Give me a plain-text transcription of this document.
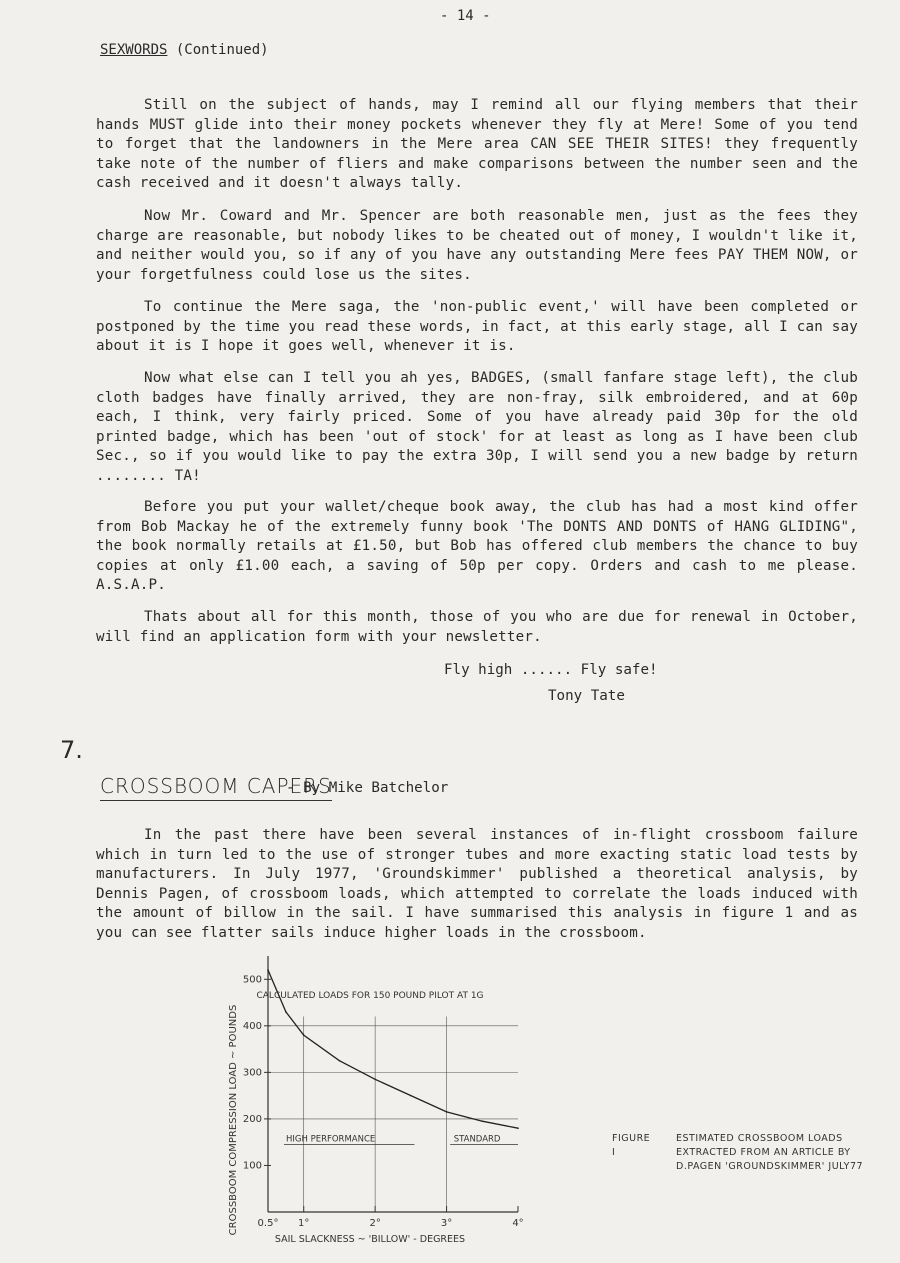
- 14 -
SEXWORDS (Continued)

Still on the subject of hands, may I remind all our flying members that their hands MUST glide into their money pockets whenever they fly at Mere! Some of you tend to forget that the landowners in the Mere area CAN SEE THEIR SITES! they frequently take note of the number of fliers and make comparisons between the number seen and the cash received and it doesn't always tally.

Now Mr. Coward and Mr. Spencer are both reasonable men, just as the fees they charge are reasonable, but nobody likes to be cheated out of money, I wouldn't like it, and neither would you, so if any of you have any outstanding Mere fees PAY THEM NOW, or your forgetfulness could lose us the sites.

To continue the Mere saga, the 'non-public event,' will have been completed or postponed by the time you read these words, in fact, at this early stage, all I can say about it is I hope it goes well, whenever it is.

Now what else can I tell you ah yes, BADGES, (small fanfare stage left), the club cloth badges have finally arrived, they are non-fray, silk embroidered, and at 60p each, I think, very fairly priced. Some of you have already paid 30p for the old printed badge, which has been 'out of stock' for at least as long as I have been club Sec., so if you would like to pay the extra 30p, I will send you a new badge by return ........ TA!

Before you put your wallet/cheque book away, the club has had a most kind offer from Bob Mackay he of the extremely funny book 'The DONTS AND DONTS of HANG GLIDING", the book normally retails at £1.50, but Bob has offered club members the chance to buy copies at only £1.00 each, a saving of 50p per copy. Orders and cash to me please. A.S.A.P.

Thats about all for this month, those of you who are due for renewal in October, will find an application form with your newsletter.

Fly high ...... Fly safe!
Tony Tate
7.
CROSSBOOM CAPERS
- By Mike Batchelor

In the past there have been several instances of in-flight crossboom failure which in turn led to the use of stronger tubes and more exacting static load tests by manufacturers. In July 1977, 'Groundskimmer' published a theoretical analysis, by Dennis Pagen, of crossboom loads, which attempted to correlate the loads induced with the amount of billow in the sail. I have summarised this analysis in figure 1 and as you can see flatter sails induce higher loads in the crossboom.

CROSSBOOM COMPRESSION LOAD ~ POUNDS
SAIL SLACKNESS ~ 'BILLOW' - DEGREES
CALCULATED LOADS FOR 150 POUND PILOT AT 1G
100
200
300
400
500
0.5° 1°	2°	3°	4°
HIGH PERFORMANCE	STANDARD	FIGURE I
ESTIMATED CROSSBOOM LOADS EXTRACTED FROM AN ARTICLE BY D.PAGEN 'GROUNDSKIMMER' JULY77
